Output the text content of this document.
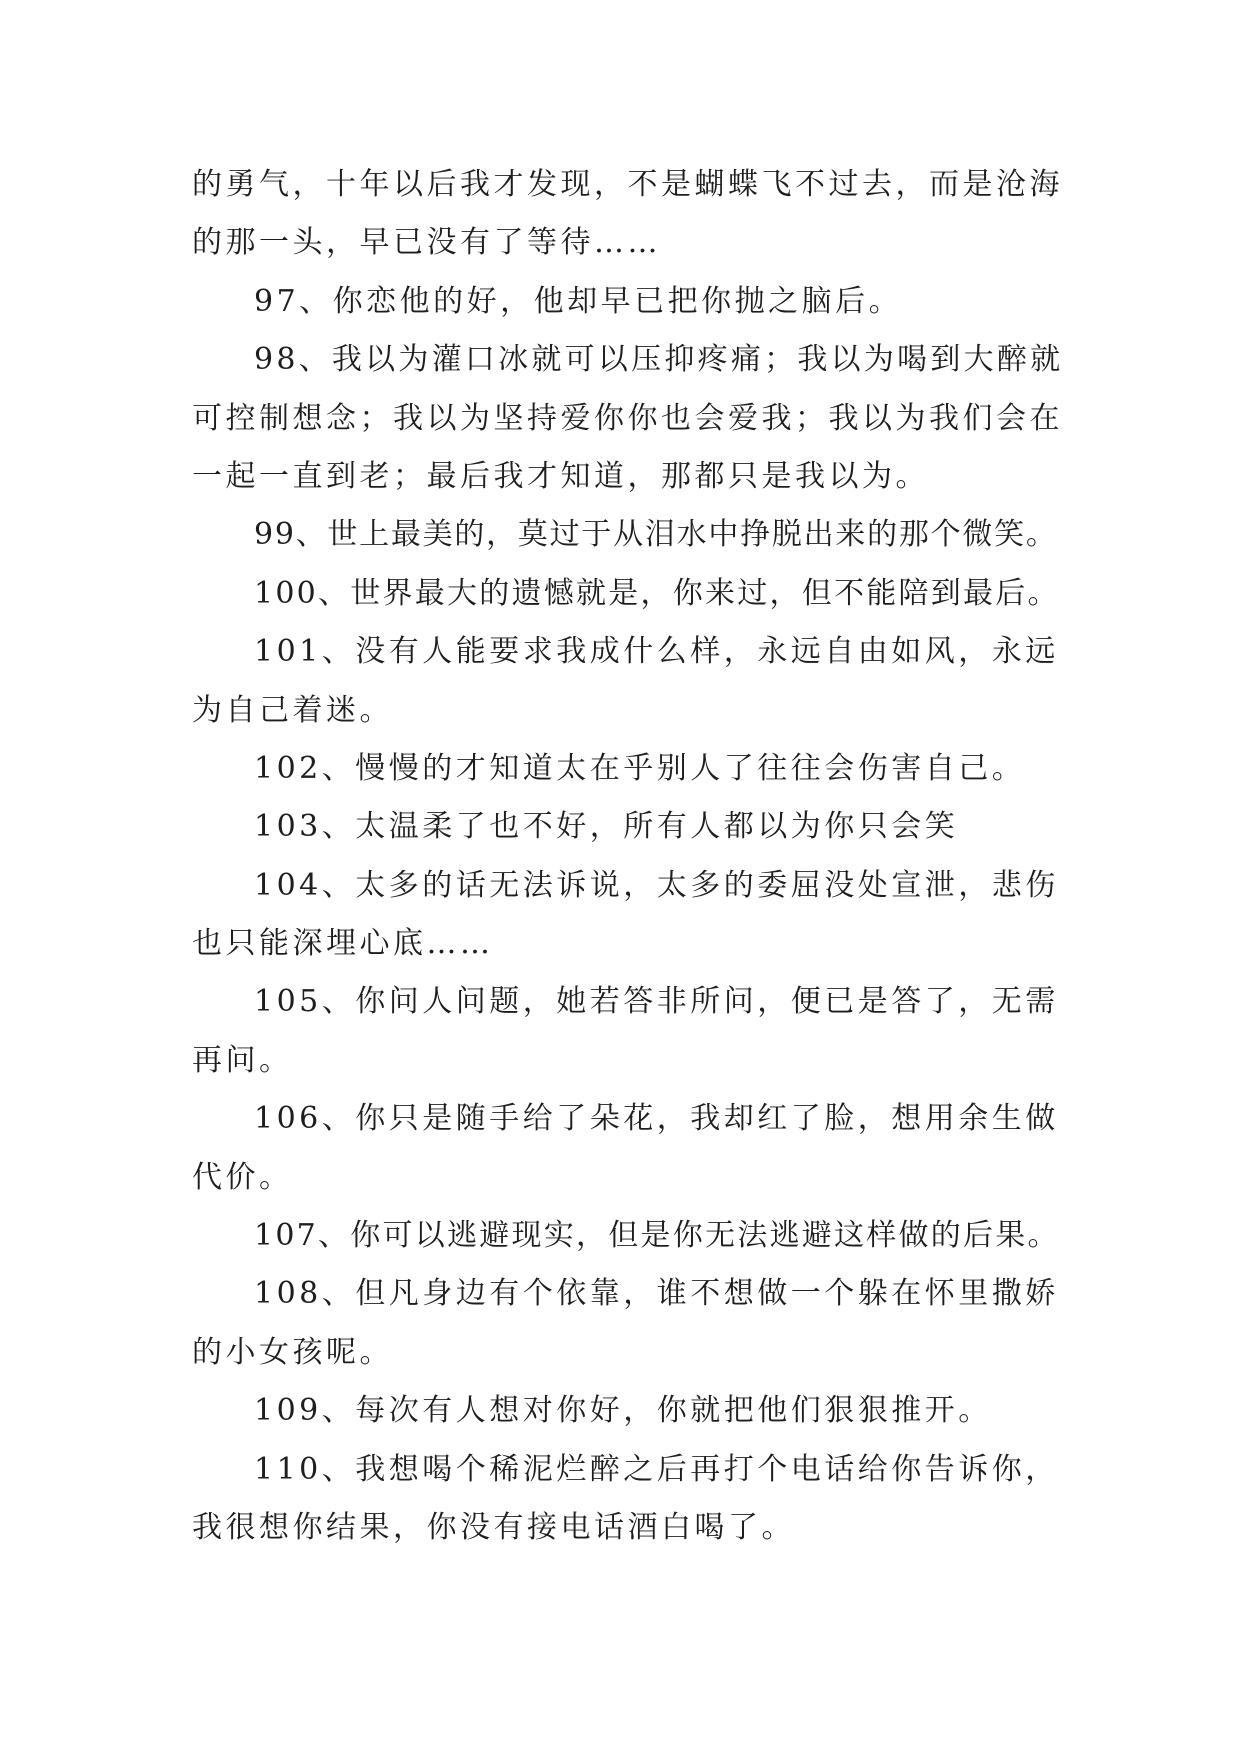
的勇气，十年以后我才发现，不是蝴蝶飞不过去，而是沧海
的那一头，早已没有了等待……
97、你恋他的好，他却早已把你抛之脑后。
98、我以为灌口冰就可以压抑疼痛；我以为喝到大醉就
可控制想念；我以为坚持爱你你也会爱我；我以为我们会在
一起一直到老；最后我才知道，那都只是我以为。
99、世上最美的，莫过于从泪水中挣脱出来的那个微笑。
100、世界最大的遗憾就是，你来过，但不能陪到最后。
101、没有人能要求我成什么样，永远自由如风，永远
为自己着迷。
102、慢慢的才知道太在乎别人了往往会伤害自己。
103、太温柔了也不好，所有人都以为你只会笑
104、太多的话无法诉说，太多的委屈没处宣泄，悲伤
也只能深埋心底……
105、你问人问题，她若答非所问，便已是答了，无需
再问。
106、你只是随手给了朵花，我却红了脸，想用余生做
代价。
107、你可以逃避现实，但是你无法逃避这样做的后果。
108、但凡身边有个依靠，谁不想做一个躲在怀里撒娇
的小女孩呢。
109、每次有人想对你好，你就把他们狠狠推开。
110、我想喝个稀泥烂醉之后再打个电话给你告诉你，
我很想你结果，你没有接电话酒白喝了。
